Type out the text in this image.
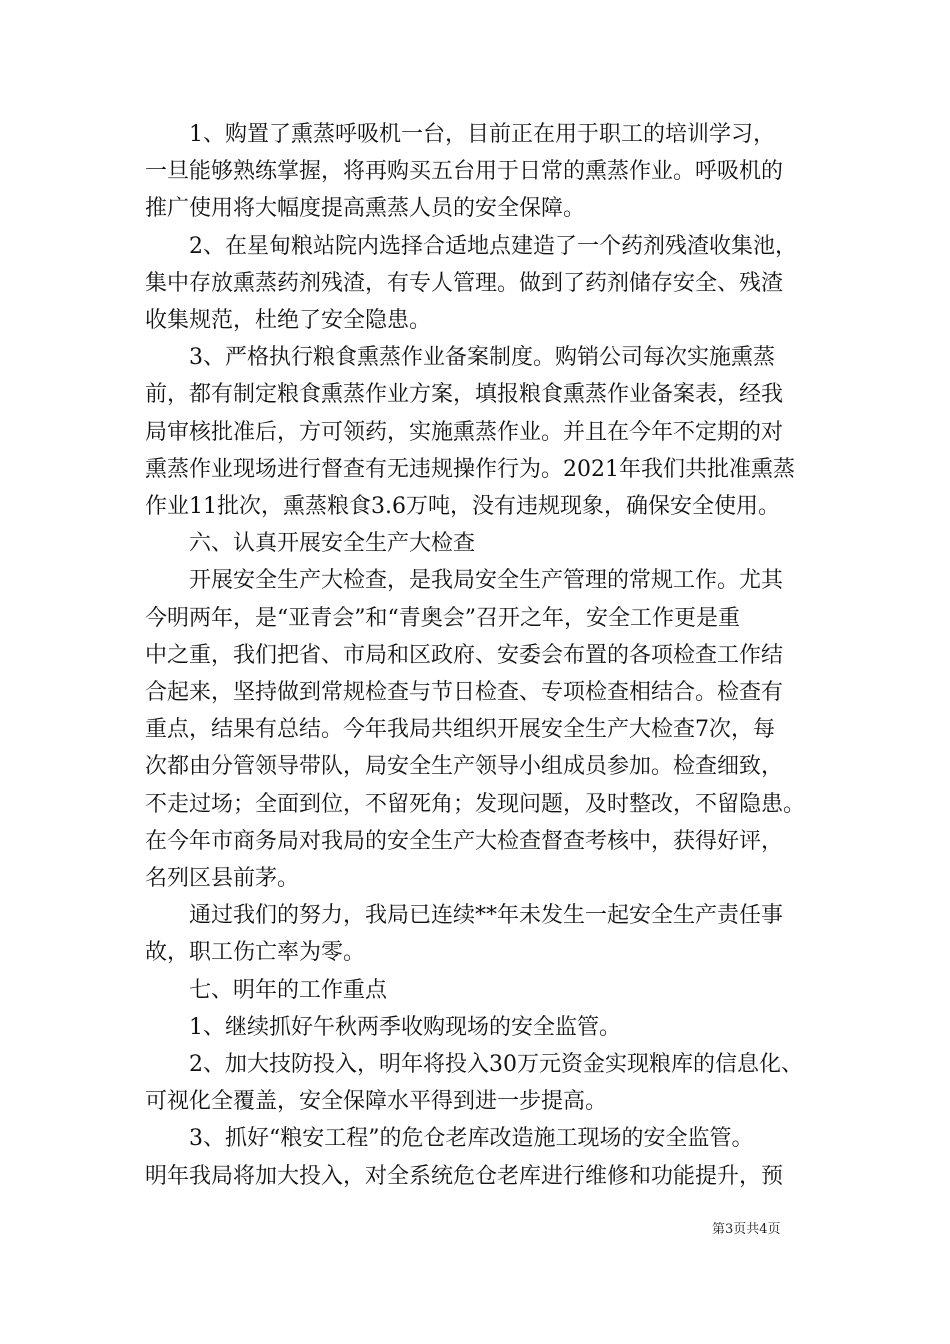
1、购置了熏蒸呼吸机一台，目前正在用于职工的培训学习，
一旦能够熟练掌握，将再购买五台用于日常的熏蒸作业。呼吸机的
推广使用将大幅度提高熏蒸人员的安全保障。
2、在星甸粮站院内选择合适地点建造了一个药剂残渣收集池，
集中存放熏蒸药剂残渣，有专人管理。做到了药剂储存安全、残渣
收集规范，杜绝了安全隐患。
3、严格执行粮食熏蒸作业备案制度。购销公司每次实施熏蒸
前，都有制定粮食熏蒸作业方案，填报粮食熏蒸作业备案表，经我
局审核批准后，方可领药，实施熏蒸作业。并且在今年不定期的对
熏蒸作业现场进行督查有无违规操作行为。2021年我们共批准熏蒸
作业11批次，熏蒸粮食3.6万吨，没有违规现象，确保安全使用。
六、认真开展安全生产大检查
开展安全生产大检查，是我局安全生产管理的常规工作。尤其
今明两年，是“亚青会”和“青奥会”召开之年，安全工作更是重
中之重，我们把省、市局和区政府、安委会布置的各项检查工作结
合起来，坚持做到常规检查与节日检查、专项检查相结合。检查有
重点，结果有总结。今年我局共组织开展安全生产大检查7次，每
次都由分管领导带队，局安全生产领导小组成员参加。检查细致，
不走过场；全面到位，不留死角；发现问题，及时整改，不留隐患。
在今年市商务局对我局的安全生产大检查督查考核中，获得好评，
名列区县前茅。
通过我们的努力，我局已连续**年未发生一起安全生产责任事
故，职工伤亡率为零。
七、明年的工作重点
1、继续抓好午秋两季收购现场的安全监管。
2、加大技防投入，明年将投入30万元资金实现粮库的信息化、
可视化全覆盖，安全保障水平得到进一步提高。
3、抓好“粮安工程”的危仓老库改造施工现场的安全监管。
明年我局将加大投入，对全系统危仓老库进行维修和功能提升，预
第3页共4页
